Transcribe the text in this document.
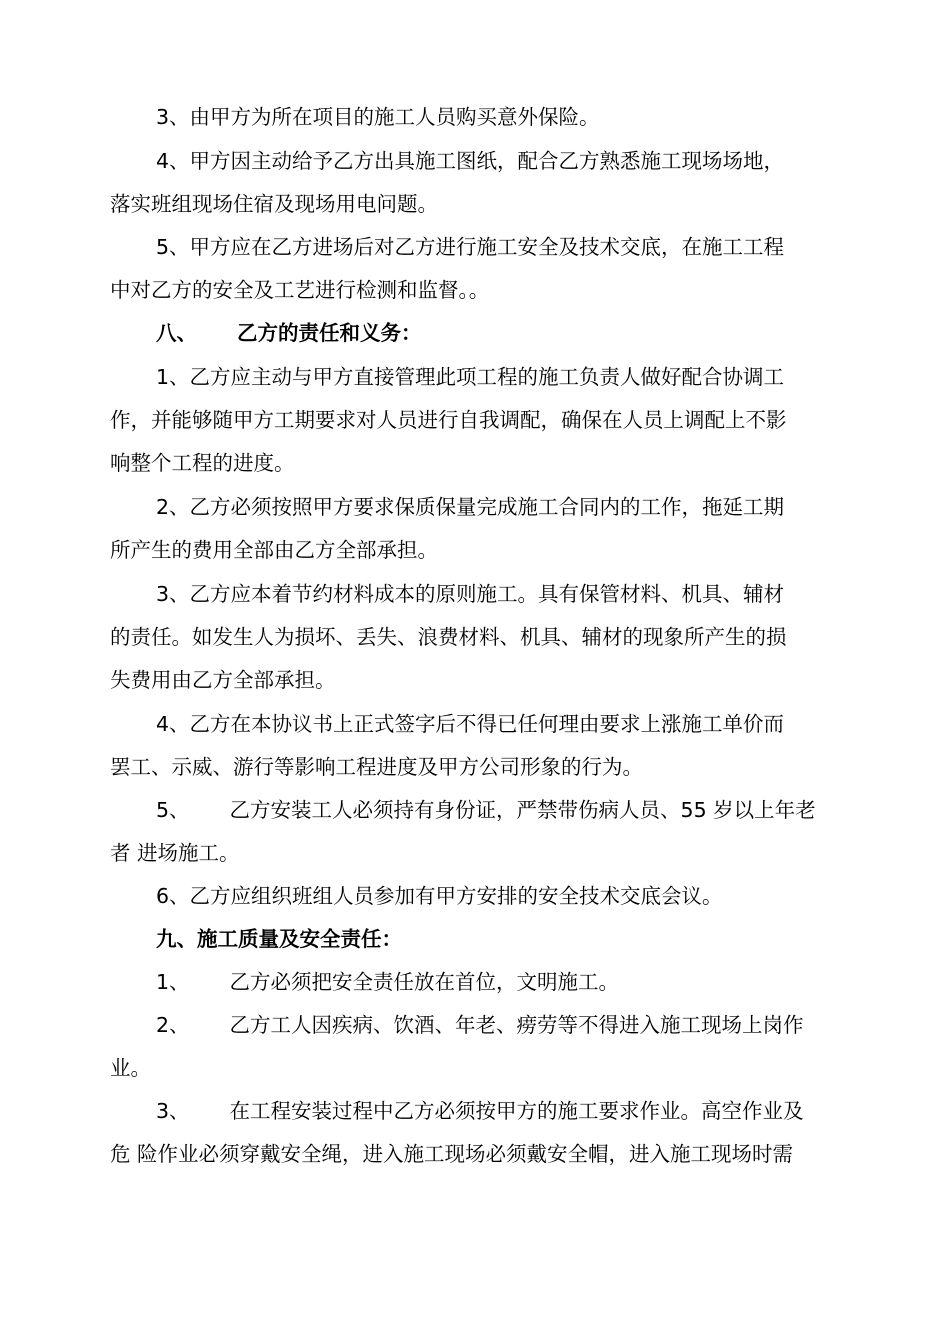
3、由甲方为所在项目的施工人员购买意外保险。
4、甲方因主动给予乙方出具施工图纸，配合乙方熟悉施工现场场地，
落实班组现场住宿及现场用电问题。
5、甲方应在乙方进场后对乙方进行施工安全及技术交底，在施工工程
中对乙方的安全及工艺进行检测和监督。。
八、 乙方的责任和义务：
1、乙方应主动与甲方直接管理此项工程的施工负责人做好配合协调工
作，并能够随甲方工期要求对人员进行自我调配，确保在人员上调配上不影
响整个工程的进度。
2、乙方必须按照甲方要求保质保量完成施工合同内的工作，拖延工期
所产生的费用全部由乙方全部承担。
3、乙方应本着节约材料成本的原则施工。具有保管材料、机具、辅材
的责任。如发生人为损坏、丢失、浪费材料、机具、辅材的现象所产生的损
失费用由乙方全部承担。
4、乙方在本协议书上正式签字后不得已任何理由要求上涨施工单价而
罢工、示威、游行等影响工程进度及甲方公司形象的行为。
5、 乙方安装工人必须持有身份证，严禁带伤病人员、55 岁以上年老
者 进场施工。
6、乙方应组织班组人员参加有甲方安排的安全技术交底会议。
九、施工质量及安全责任：
1、 乙方必须把安全责任放在首位，文明施工。
2、 乙方工人因疾病、饮酒、年老、痨劳等不得进入施工现场上岗作
业。
3、 在工程安装过程中乙方必须按甲方的施工要求作业。高空作业及
危 险作业必须穿戴安全绳，进入施工现场必须戴安全帽，进入施工现场时需
